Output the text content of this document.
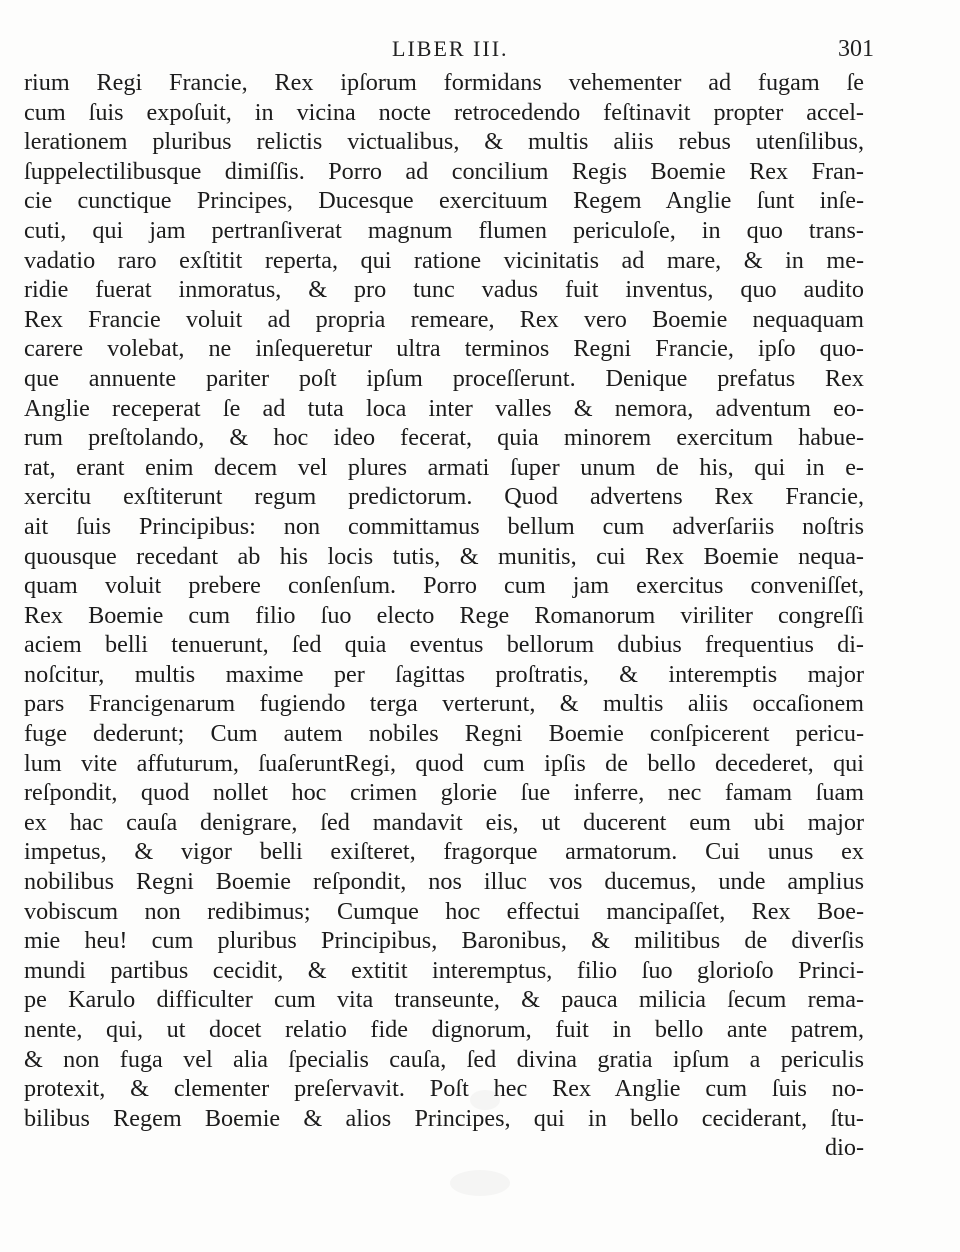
LIBER III.	301
rium Regi Francie, Rex ipſorum formidans vehementer ad fugam ſe
cum ſuis expoſuit, in vicina nocte retrocedendo feſtinavit propter accel-
lerationem pluribus relictis victualibus, & multis aliis rebus utenſilibus,
ſuppelectilibusque dimiſſis. Porro ad concilium Regis Boemie Rex Fran-
cie cunctique Principes, Ducesque exercituum Regem Anglie ſunt inſe-
cuti, qui jam pertranſiverat magnum flumen periculoſe, in quo trans-
vadatio raro exſtitit reperta, qui ratione vicinitatis ad mare, & in me-
ridie fuerat inmoratus, & pro tunc vadus fuit inventus, quo audito
Rex Francie voluit ad propria remeare, Rex vero Boemie nequaquam
carere volebat, ne inſequeretur ultra terminos Regni Francie, ipſo quo-
que annuente pariter poſt ipſum proceſſerunt. Denique prefatus Rex
Anglie receperat ſe ad tuta loca inter valles & nemora, adventum eo-
rum preſtolando, & hoc ideo fecerat, quia minorem exercitum habue-
rat, erant enim decem vel plures armati ſuper unum de his, qui in e-
xercitu exſtiterunt regum predictorum. Quod advertens Rex Francie,
ait ſuis Principibus: non committamus bellum cum adverſariis noſtris
quousque recedant ab his locis tutis, & munitis, cui Rex Boemie nequa-
quam voluit prebere conſenſum. Porro cum jam exercitus conveniſſet,
Rex Boemie cum filio ſuo electo Rege Romanorum viriliter congreſſi
aciem belli tenuerunt, ſed quia eventus bellorum dubius frequentius di-
noſcitur, multis maxime per ſagittas proſtratis, & interemptis major
pars Francigenarum fugiendo terga verterunt, & multis aliis occaſionem
fuge dederunt; Cum autem nobiles Regni Boemie conſpicerent pericu-
lum vite affuturum, ſuaſeruntRegi, quod cum ipſis de bello decederet, qui
reſpondit, quod nollet hoc crimen glorie ſue inferre, nec famam ſuam
ex hac cauſa denigrare, ſed mandavit eis, ut ducerent eum ubi major
impetus, & vigor belli exiſteret, fragorque armatorum. Cui unus ex
nobilibus Regni Boemie reſpondit, nos illuc vos ducemus, unde amplius
vobiscum non redibimus; Cumque hoc effectui mancipaſſet, Rex Boe-
mie heu! cum pluribus Principibus, Baronibus, & militibus de diverſis
mundi partibus cecidit, & extitit interemptus, filio ſuo glorioſo Princi-
pe Karulo difficulter cum vita transeunte, & pauca milicia ſecum rema-
nente, qui, ut docet relatio fide dignorum, fuit in bello ante patrem,
& non fuga vel alia ſpecialis cauſa, ſed divina gratia ipſum a periculis
protexit, & clementer preſervavit. Poſt hec Rex Anglie cum ſuis no-
bilibus Regem Boemie & alios Principes, qui in bello ceciderant, ſtu-
dio-
